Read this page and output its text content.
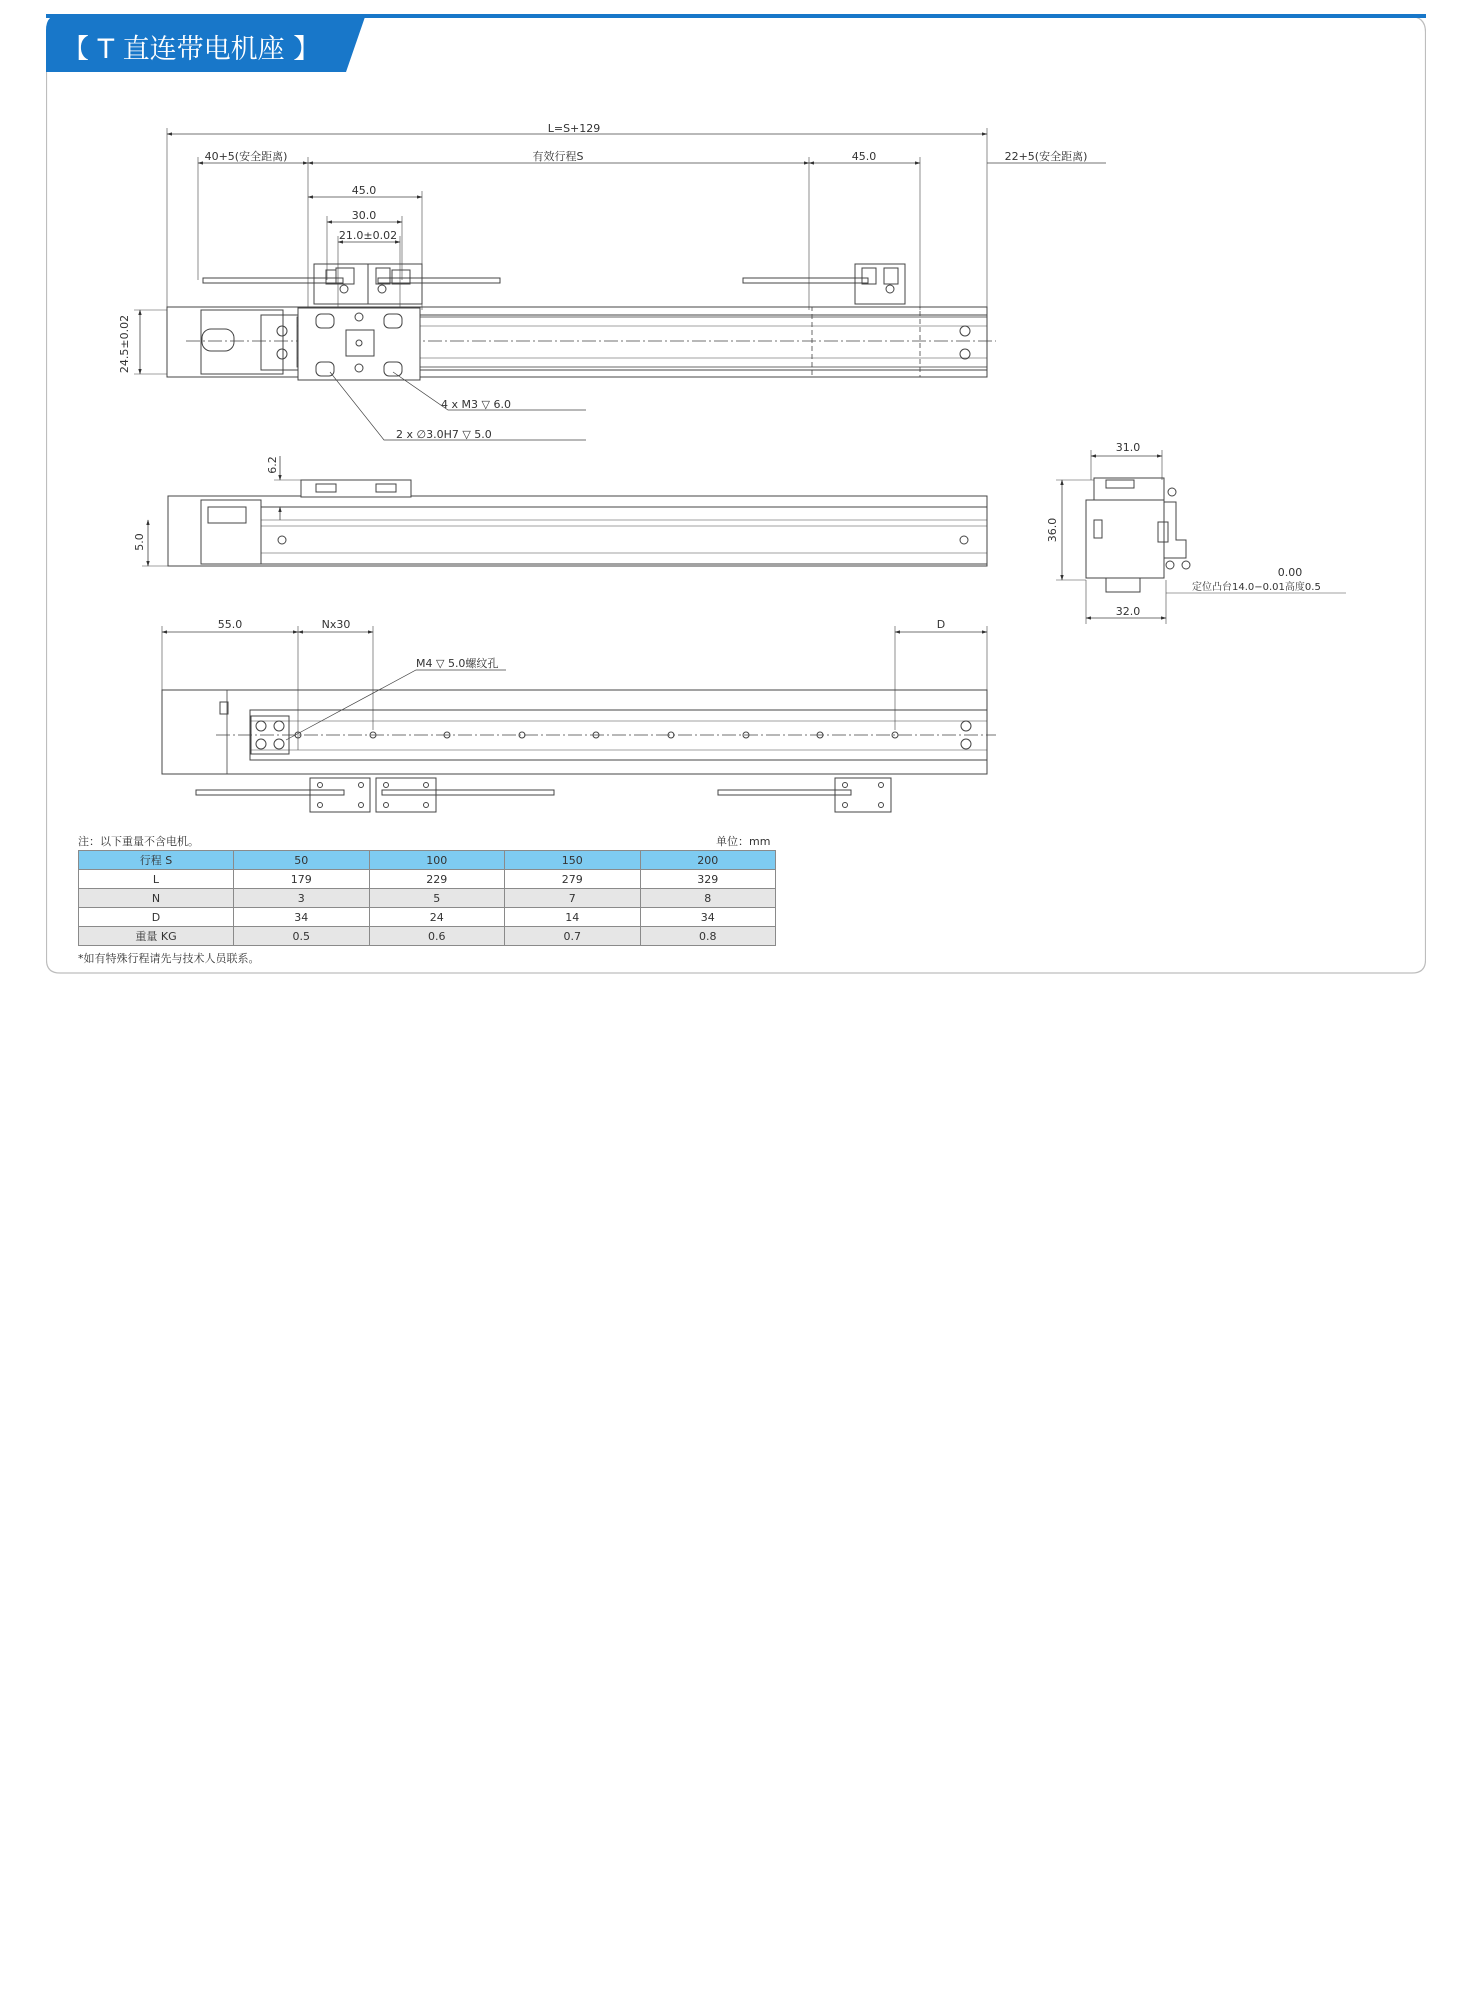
【 T 直连带电机座 】
L=S+129
40+5(安全距离)	有效行程S	45.0	22+5(安全距离)
45.0
30.0
21.0±0.02
24.5±0.02
4 x M3 ▽ 6.0
2 x ∅3.0H7 ▽ 5.0
6.2
5.0
31.0
36.0
32.0
0.00
定位凸台14.0−0.01高度0.5
55.0	Nx30	D
M4 ▽ 5.0螺纹孔
注：以下重量不含电机。	单位：mm
行程 S	50	100	150	200
L	179	229	279	329
N	3	5	7	8
D	34	24	14	34
重量 KG	0.5	0.6	0.7	0.8
*如有特殊行程请先与技术人员联系。
